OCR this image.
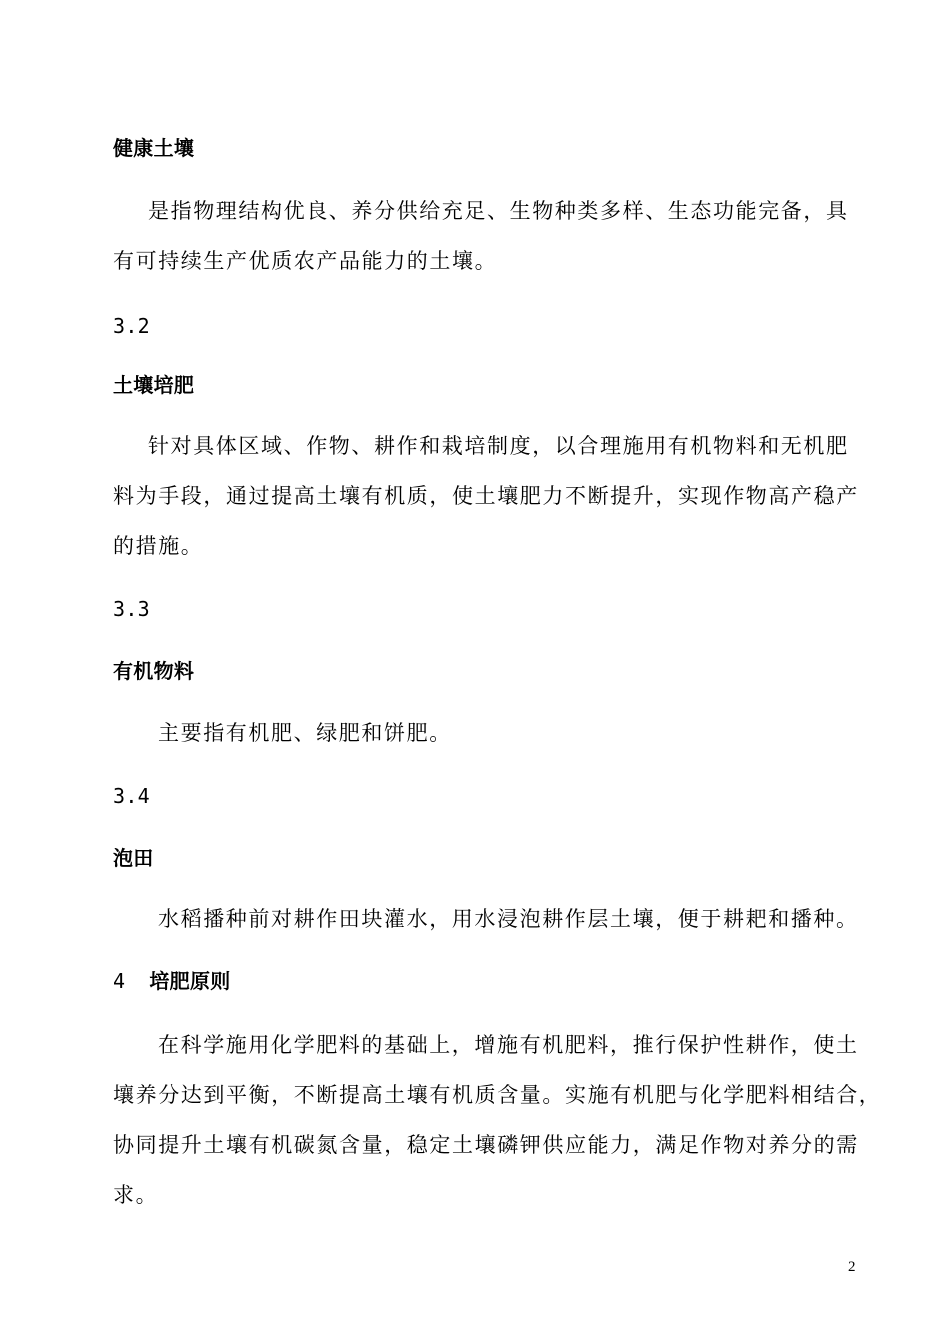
健康土壤
是指物理结构优良、养分供给充足、生物种类多样、生态功能完备，具
有可持续生产优质农产品能力的土壤。
3.2
土壤培肥
针对具体区域、作物、耕作和栽培制度，以合理施用有机物料和无机肥
料为手段，通过提高土壤有机质，使土壤肥力不断提升，实现作物高产稳产
的措施。
3.3
有机物料
主要指有机肥、绿肥和饼肥。
3.4
泡田
水稻播种前对耕作田块灌水，用水浸泡耕作层土壤，便于耕耙和播种。
4 培肥原则
在科学施用化学肥料的基础上，增施有机肥料，推行保护性耕作，使土
壤养分达到平衡，不断提高土壤有机质含量。实施有机肥与化学肥料相结合，
协同提升土壤有机碳氮含量，稳定土壤磷钾供应能力，满足作物对养分的需
求。
2
